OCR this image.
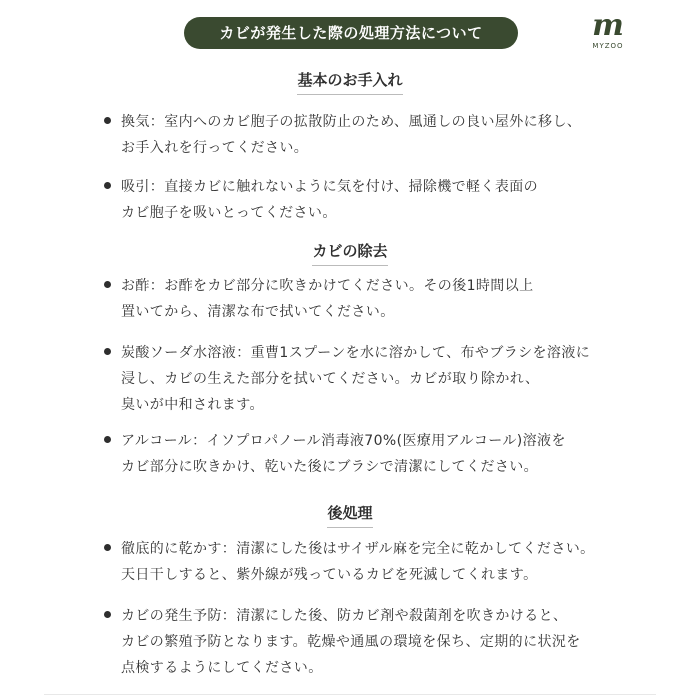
カビが発生した際の処理方法について	m
MYZOO
基本のお手入れ
換気：室内へのカビ胞子の拡散防止のため、風通しの良い屋外に移し、
お手入れを行ってください。
吸引：直接カビに触れないように気を付け、掃除機で軽く表面の
カビ胞子を吸いとってください。
カビの除去
お酢：お酢をカビ部分に吹きかけてください。その後1時間以上
置いてから、清潔な布で拭いてください。
炭酸ソーダ水溶液：重曹1スプーンを水に溶かして、布やブラシを溶液に
浸し、カビの生えた部分を拭いてください。カビが取り除かれ、
臭いが中和されます。
アルコール：イソプロパノール消毒液70%(医療用アルコール)溶液を
カビ部分に吹きかけ、乾いた後にブラシで清潔にしてください。
後処理
徹底的に乾かす：清潔にした後はサイザル麻を完全に乾かしてください。
天日干しすると、紫外線が残っているカビを死滅してくれます。
カビの発生予防：清潔にした後、防カビ剤や殺菌剤を吹きかけると、
カビの繁殖予防となります。乾燥や通風の環境を保ち、定期的に状況を
点検するようにしてください。
